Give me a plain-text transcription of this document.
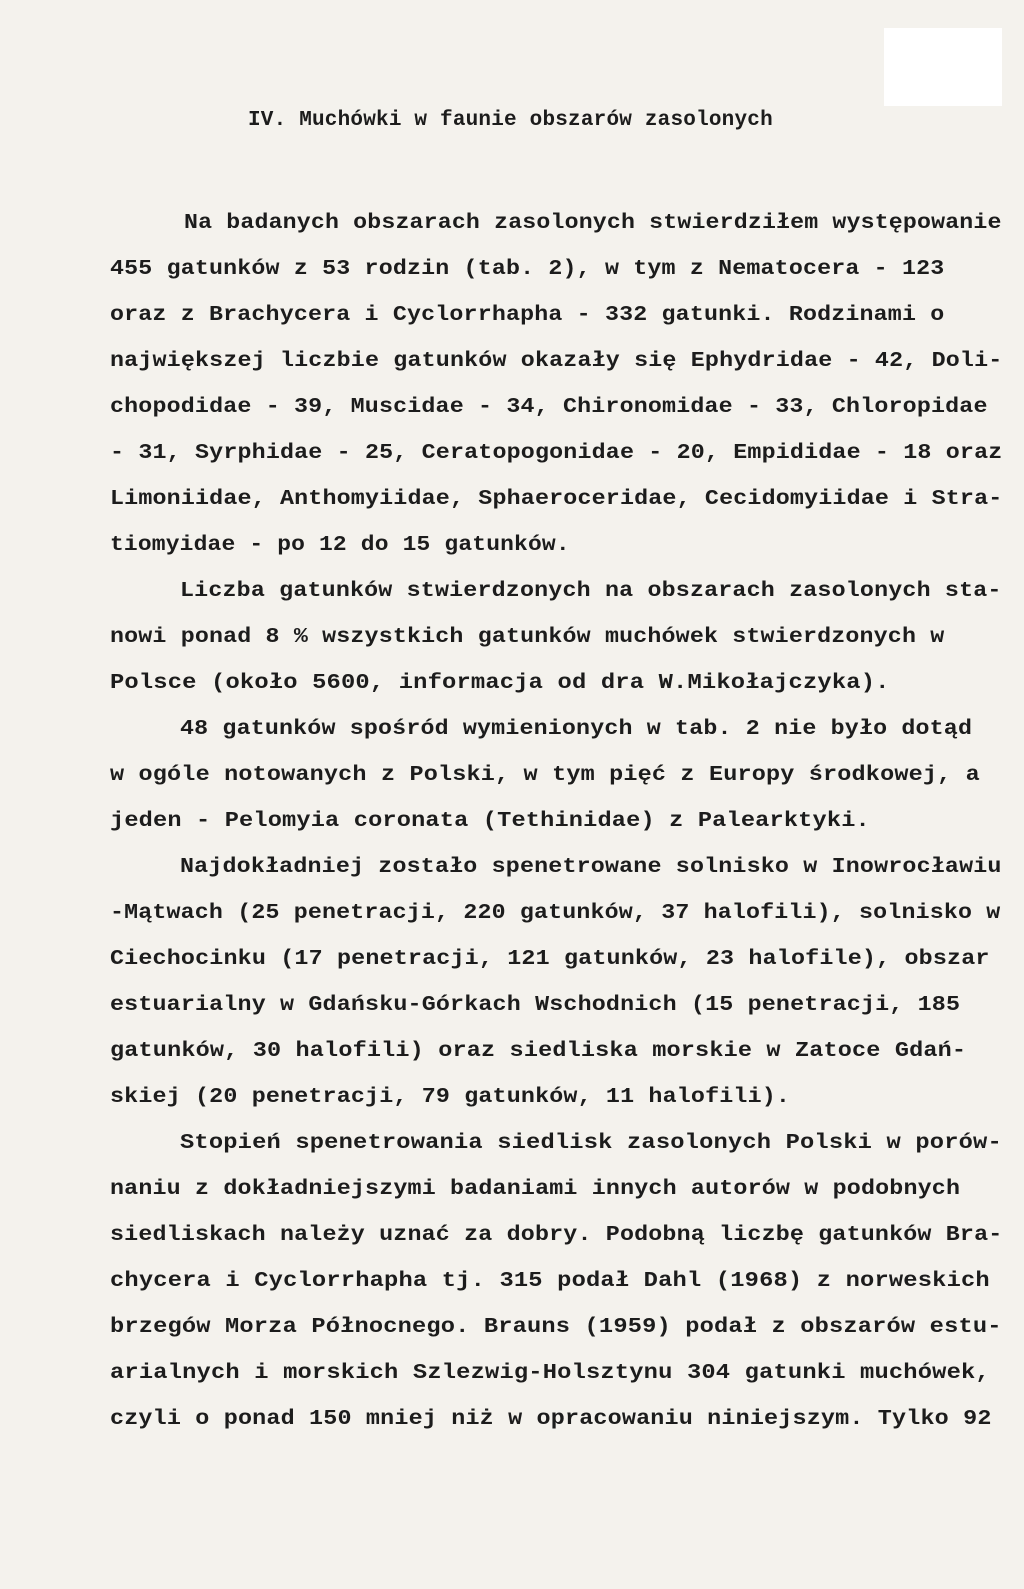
IV. Muchówki w faunie obszarów zasolonych
Na badanych obszarach zasolonych stwierdziłem występowanie
455 gatunków z 53 rodzin (tab. 2), w tym z Nematocera - 123
oraz z Brachycera i Cyclorrhapha - 332 gatunki. Rodzinami o
największej liczbie gatunków okazały się Ephydridae - 42, Doli-
chopodidae - 39, Muscidae - 34, Chironomidae - 33, Chloropidae
- 31, Syrphidae - 25, Ceratopogonidae - 20, Empididae - 18 oraz
Limoniidae, Anthomyiidae, Sphaeroceridae, Cecidomyiidae i Stra-
tiomyidae - po 12 do 15 gatunków.
Liczba gatunków stwierdzonych na obszarach zasolonych sta-
nowi ponad 8 % wszystkich gatunków muchówek stwierdzonych w
Polsce (około 5600, informacja od dra W.Mikołajczyka).
48 gatunków spośród wymienionych w tab. 2 nie było dotąd
w ogóle notowanych z Polski, w tym pięć z Europy środkowej, a
jeden - Pelomyia coronata (Tethinidae) z Palearktyki.
Najdokładniej zostało spenetrowane solnisko w Inowrocławiu
-Mątwach (25 penetracji, 220 gatunków, 37 halofili), solnisko w
Ciechocinku (17 penetracji, 121 gatunków, 23 halofile), obszar
estuarialny w Gdańsku-Górkach Wschodnich (15 penetracji, 185
gatunków, 30 halofili) oraz siedliska morskie w Zatoce Gdań-
skiej (20 penetracji, 79 gatunków, 11 halofili).
Stopień spenetrowania siedlisk zasolonych Polski w porów-
naniu z dokładniejszymi badaniami innych autorów w podobnych
siedliskach należy uznać za dobry. Podobną liczbę gatunków Bra-
chycera i Cyclorrhapha tj. 315 podał Dahl (1968) z norweskich
brzegów Morza Północnego. Brauns (1959) podał z obszarów estu-
arialnych i morskich Szlezwig-Holsztynu 304 gatunki muchówek,
czyli o ponad 150 mniej niż w opracowaniu niniejszym. Tylko 92
